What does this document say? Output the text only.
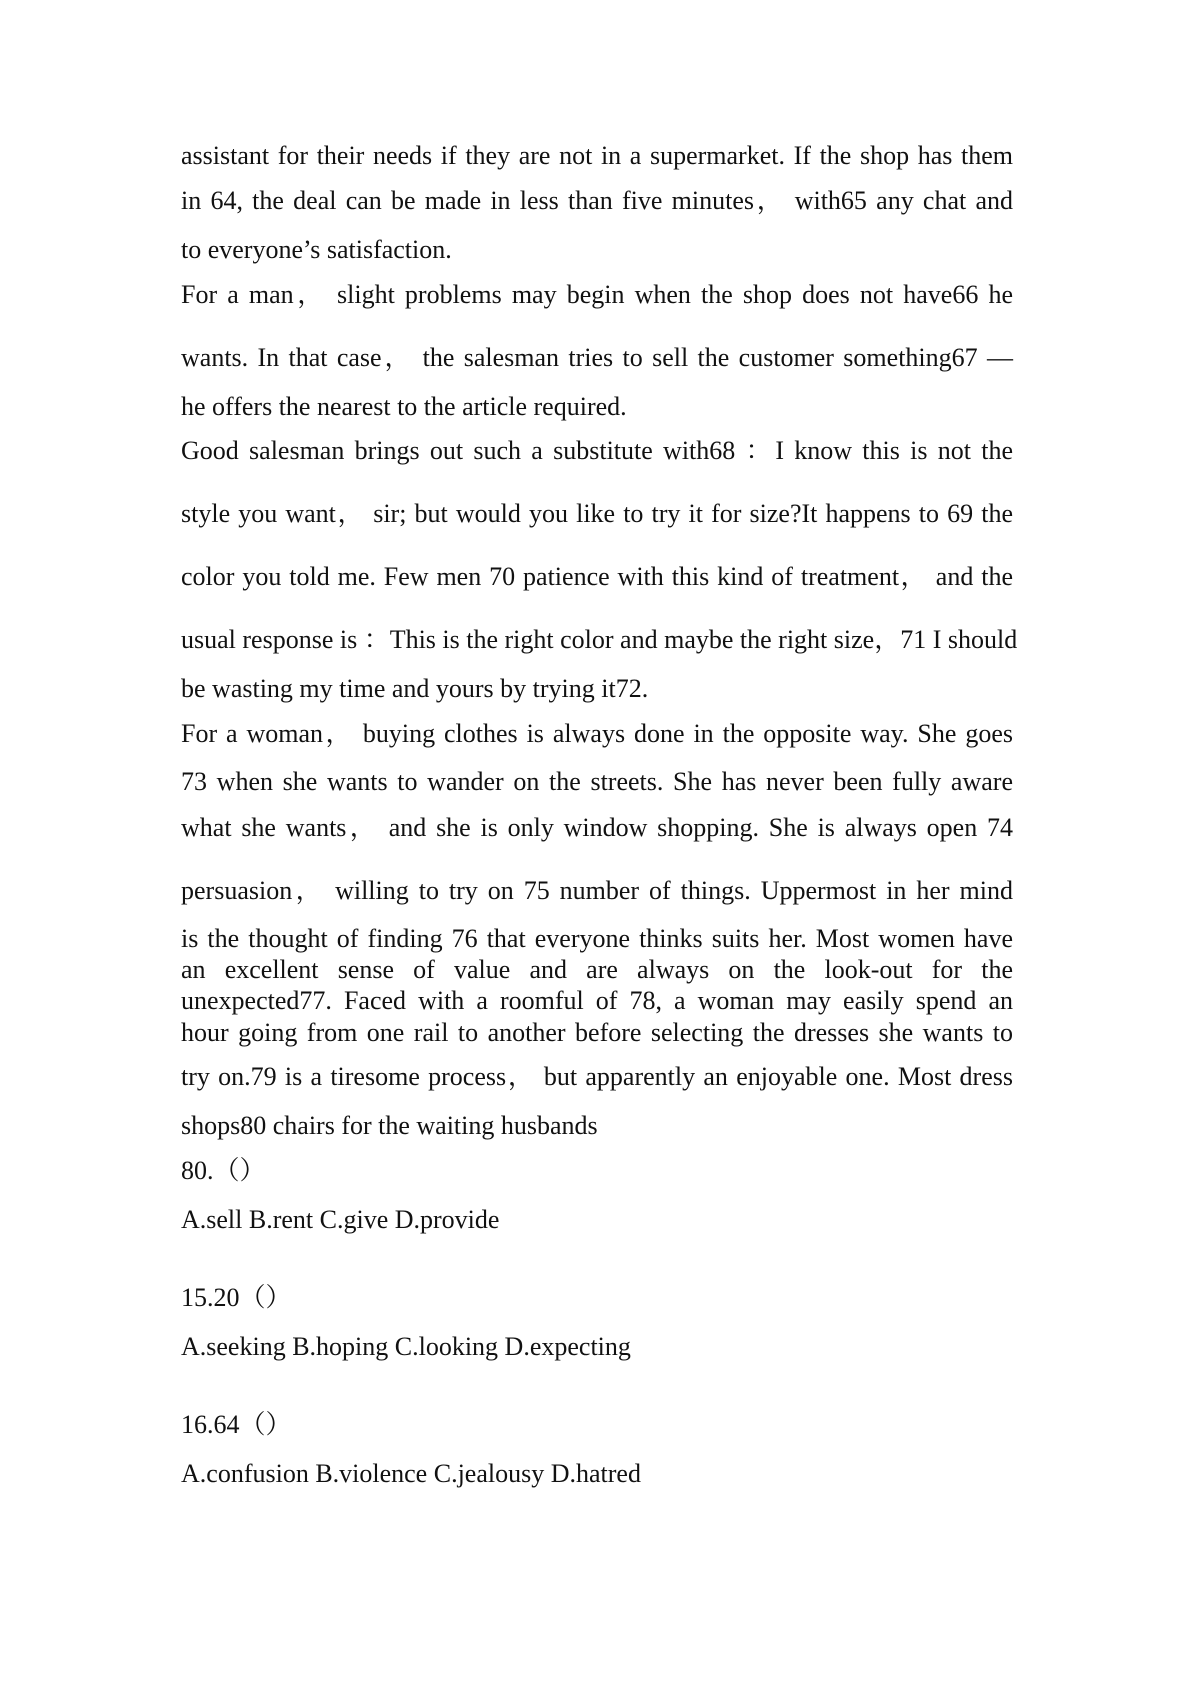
assistant for their needs if they are not in a supermarket. If the shop has them
in 64, the deal can be made in less than five minutes， with65 any chat and
to everyone’s satisfaction.
For a man， slight problems may begin when the shop does not have66 he
wants. In that case， the salesman tries to sell the customer something67 —
he offers the nearest to the article required.
Good salesman brings out such a substitute with68 ：I know this is not the
style you want， sir; but would you like to try it for size?It happens to 69 the
color you told me. Few men 70 patience with this kind of treatment， and the
usual response is ：This is the right color and maybe the right size，71 I should
be wasting my time and yours by trying it72.
For a woman， buying clothes is always done in the opposite way. She goes
73 when she wants to wander on the streets. She has never been fully aware
what she wants， and she is only window shopping. She is always open 74
persuasion， willing to try on 75 number of things. Uppermost in her mind
is the thought of finding 76 that everyone thinks suits her. Most women have
an excellent sense of value and are always on the look-out for the
unexpected77. Faced with a roomful of 78, a woman may easily spend an
hour going from one rail to another before selecting the dresses she wants to
try on.79 is a tiresome process， but apparently an enjoyable one. Most dress
shops80 chairs for the waiting husbands
80.（）
A.sell B.rent C.give D.provide
15.20（）
A.seeking B.hoping C.looking D.expecting
16.64（）
A.confusion B.violence C.jealousy D.hatred
